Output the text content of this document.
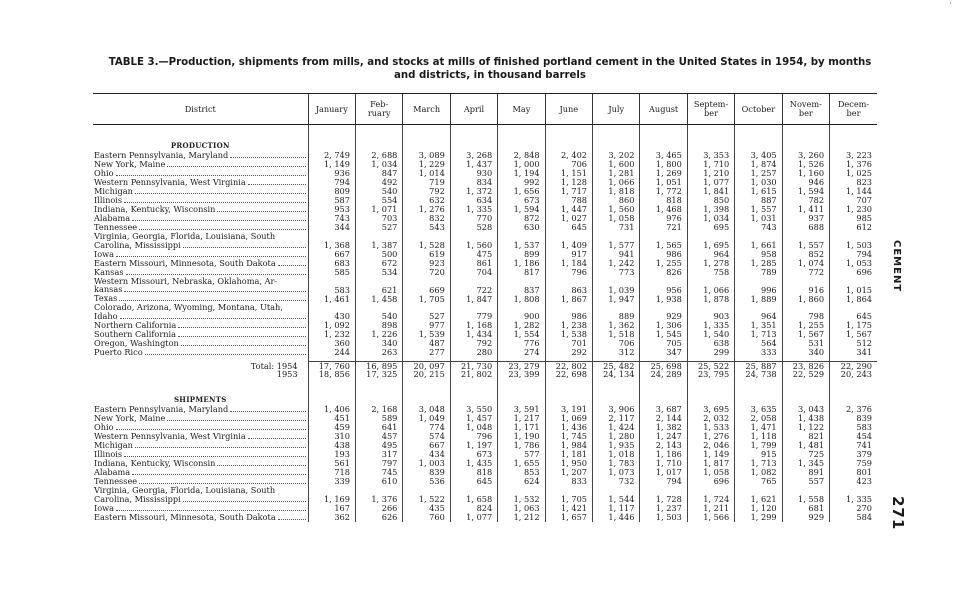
TABLE 3.—Production, shipments from mills, and stocks at mills of finished portland cement in the United States in 1954, by months
and districts, in thousand barrels
'
CEMENT
271
District	January	Feb-
ruary	March	April	May	June	July	August	Septem-
ber	October	Novem-
ber	Decem-
ber
PRODUCTION												

Eastern Pennsylvania, Maryland	2, 749	2, 688	3, 089	3, 268	2, 848	2, 402	3, 202	3, 465	3, 353	3, 405	3, 260	3, 223

New York, Maine	1, 149	1, 034	1, 229	1, 437	1, 000	706	1, 600	1, 800	1, 710	1, 874	1, 526	1, 376

Ohio	936	847	1, 014	930	1, 194	1, 151	1, 281	1, 269	1, 210	1, 257	1, 160	1, 025

Western Pennsylvania, West Virginia	794	492	719	834	992	1, 128	1, 066	1, 051	1, 077	1, 030	946	823

Michigan	809	540	792	1, 372	1, 656	1, 717	1, 818	1, 772	1, 841	1, 615	1, 594	1, 144

Illinois	587	554	632	634	673	788	860	818	850	887	782	707

Indiana, Kentucky, Wisconsin	953	1, 071	1, 276	1, 335	1, 594	1, 447	1, 560	1, 468	1, 398	1, 557	1, 411	1, 230

Alabama	743	703	832	770	872	1, 027	1, 058	976	1, 034	1, 031	937	985

Tennessee	344	527	543	528	630	645	731	721	695	743	688	612
Virginia, Georgia, Florida, Louisiana, South												

Carolina, Mississippi	1, 368	1, 387	1, 528	1, 560	1, 537	1, 409	1, 577	1, 565	1, 695	1, 661	1, 557	1, 503

Iowa	667	500	619	475	899	917	941	986	964	958	852	794

Eastern Missouri, Minnesota, South Dakota	683	672	923	861	1, 186	1, 184	1, 242	1, 255	1, 278	1, 285	1, 074	1, 053

Kansas	585	534	720	704	817	796	773	826	758	789	772	696
Western Missouri, Nebraska, Oklahoma, Ar-												

kansas	583	621	669	722	837	863	1, 039	956	1, 066	996	916	1, 015

Texas	1, 461	1, 458	1, 705	1, 847	1, 808	1, 867	1, 947	1, 938	1, 878	1, 889	1, 860	1, 864
Colorado, Arizona, Wyoming, Montana, Utah,												

Idaho	430	540	527	779	900	986	889	929	903	964	798	645

Northern California	1, 092	898	977	1, 168	1, 282	1, 238	1, 362	1, 306	1, 335	1, 351	1, 255	1, 175

Southern California	1, 232	1, 226	1, 539	1, 434	1, 554	1, 538	1, 518	1, 545	1, 540	1, 713	1, 567	1, 567

Oregon, Washington	360	340	487	792	776	701	706	705	638	564	531	512

Puerto Rico	244	263	277	280	274	292	312	347	299	333	340	341

Total: 1954	17, 760	16, 895	20, 097	21, 730	23, 279	22, 802	25, 482	25, 698	25, 522	25, 887	23, 826	22, 290
1953	18, 856	17, 325	20, 215	21, 802	23, 399	22, 698	24, 134	24, 289	23, 795	24, 738	22, 529	20, 243
SHIPMENTS												

Eastern Pennsylvania, Maryland	1, 406	2, 168	3, 048	3, 550	3, 591	3, 191	3, 906	3, 687	3, 695	3, 635	3, 043	2, 376

New York, Maine	451	589	1, 049	1, 457	1, 217	1, 069	2, 117	2, 144	2, 032	2, 058	1, 438	839

Ohio	459	641	774	1, 048	1, 171	1, 436	1, 424	1, 382	1, 533	1, 471	1, 122	583

Western Pennsylvania, West Virginia	310	457	574	796	1, 190	1, 745	1, 280	1, 247	1, 276	1, 118	821	454

Michigan	438	495	667	1, 197	1, 786	1, 984	1, 935	2, 143	2, 046	1, 799	1, 481	741

Illinois	193	317	434	673	577	1, 181	1, 018	1, 186	1, 149	915	725	379

Indiana, Kentucky, Wisconsin	561	797	1, 003	1, 435	1, 655	1, 950	1, 783	1, 710	1, 817	1, 713	1, 345	759

Alabama	718	745	839	818	853	1, 207	1, 073	1, 017	1, 058	1, 082	891	801

Tennessee	339	610	536	645	624	833	732	794	696	765	557	423
Virginia, Georgia, Florida, Louisiana, South												

Carolina, Mississippi	1, 169	1, 376	1, 522	1, 658	1, 532	1, 705	1, 544	1, 728	1, 724	1, 621	1, 558	1, 335

Iowa	167	266	435	824	1, 063	1, 421	1, 117	1, 237	1, 211	1, 120	681	270

Eastern Missouri, Minnesota, South Dakota	362	626	760	1, 077	1, 212	1, 657	1, 446	1, 503	1, 566	1, 299	929	584
